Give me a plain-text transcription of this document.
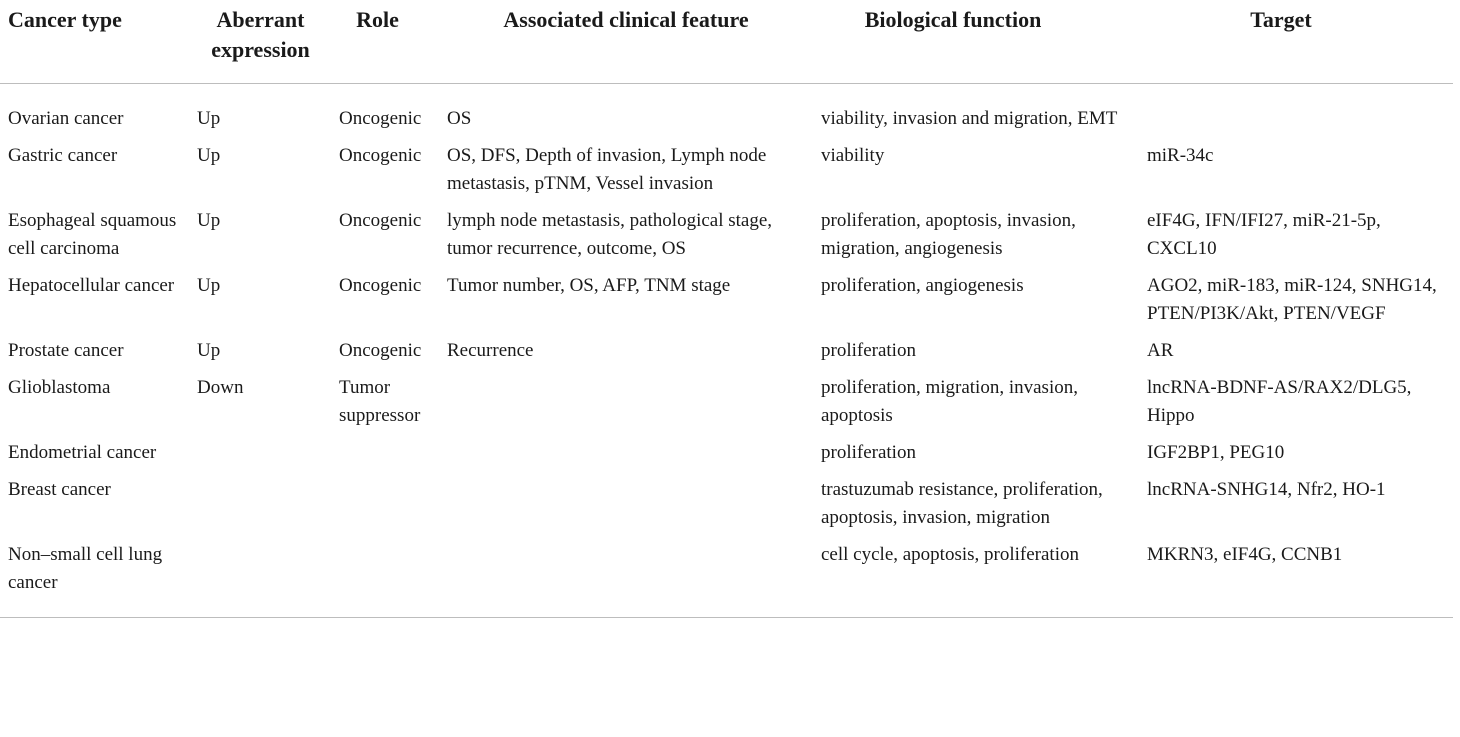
Cancer type	Aberrant expression	Role	Associated clinical feature	Biological function	Target
Ovarian cancer	Up	Oncogenic	OS	viability, invasion and migration, EMT	
Gastric cancer	Up	Oncogenic	OS, DFS, Depth of invasion, Lymph node metastasis, pTNM, Vessel invasion	viability	miR-34c
Esophageal squamous cell carcinoma	Up	Oncogenic	lymph node metastasis, pathological stage, tumor recurrence, outcome, OS	proliferation, apoptosis, invasion, migration, angiogenesis	eIF4G, IFN/IFI27, miR-21-5p, CXCL10
Hepatocellular cancer	Up	Oncogenic	Tumor number, OS, AFP, TNM stage	proliferation, angiogenesis	AGO2, miR-183, miR-124, SNHG14, PTEN/PI3K/Akt, PTEN/VEGF
Prostate cancer	Up	Oncogenic	Recurrence	proliferation	AR
Glioblastoma	Down	Tumor suppressor		proliferation, migration, invasion, apoptosis	lncRNA-BDNF-AS/RAX2/DLG5, Hippo
Endometrial cancer				proliferation	IGF2BP1, PEG10
Breast cancer				trastuzumab resistance, proliferation, apoptosis, invasion, migration	lncRNA-SNHG14, Nfr2, HO-1
Non–small cell lung cancer				cell cycle, apoptosis, proliferation	MKRN3, eIF4G, CCNB1
